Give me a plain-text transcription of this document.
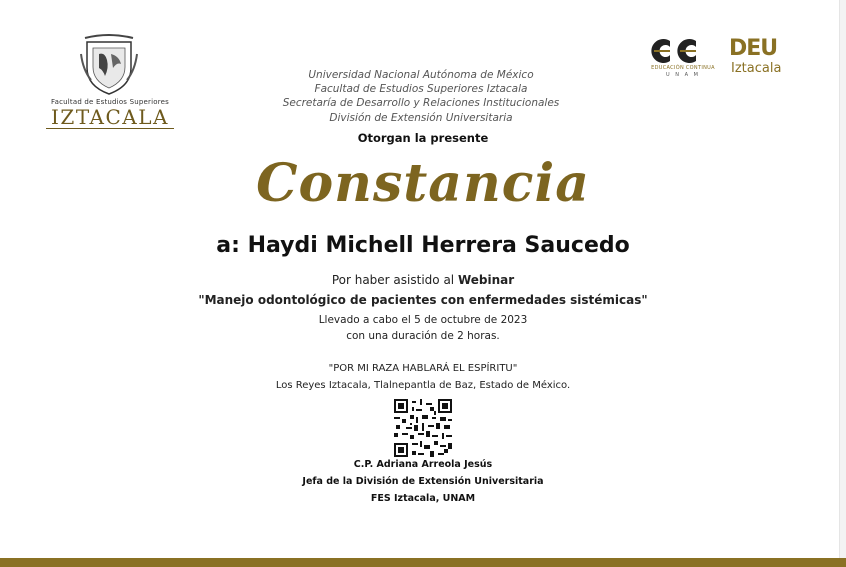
Facultad de Estudios Superiores
IZTACALA
Universidad Nacional Autónoma de México
Facultad de Estudios Superiores Iztacala
Secretaría de Desarrollo y Relaciones Institucionales
División de Extensión Universitaria
EDUCACIÓN CONTINUA
U N A M
DEU
Iztacala
Otorgan la presente
Constancia
a: Haydi Michell Herrera Saucedo
Por haber asistido al Webinar
"Manejo odontológico de pacientes con enfermedades sistémicas"
Llevado a cabo el 5 de octubre de 2023
con una duración de 2 horas.
"POR MI RAZA HABLARÁ EL ESPÍRITU"
Los Reyes Iztacala, Tlalnepantla de Baz, Estado de México.
C.P. Adriana Arreola Jesús
Jefa de la División de Extensión Universitaria
FES Iztacala, UNAM
